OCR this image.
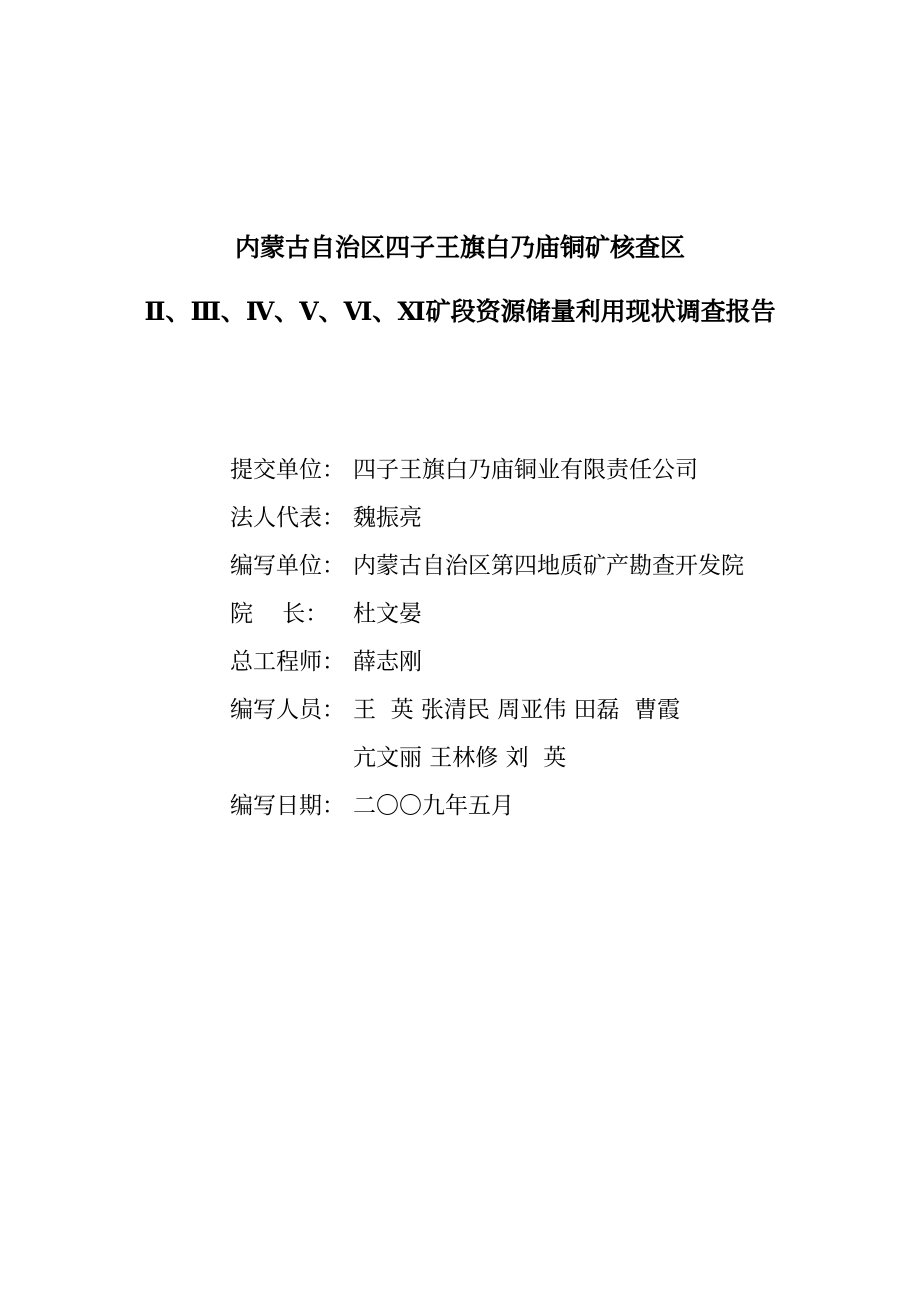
内蒙古自治区四子王旗白乃庙铜矿核查区
Ⅱ、Ⅲ、Ⅳ、Ⅴ、Ⅵ、Ⅺ矿段资源储量利用现状调查报告
提交单位： 四子王旗白乃庙铜业有限责任公司
法人代表： 魏振亮
编写单位： 内蒙古自治区第四地质矿产勘查开发院
院    长：	杜文晏
总工程师： 薛志刚
编写人员： 王  英 张清民 周亚伟 田磊  曹霞
亢文丽 王林修 刘  英
编写日期： 二〇〇九年五月
